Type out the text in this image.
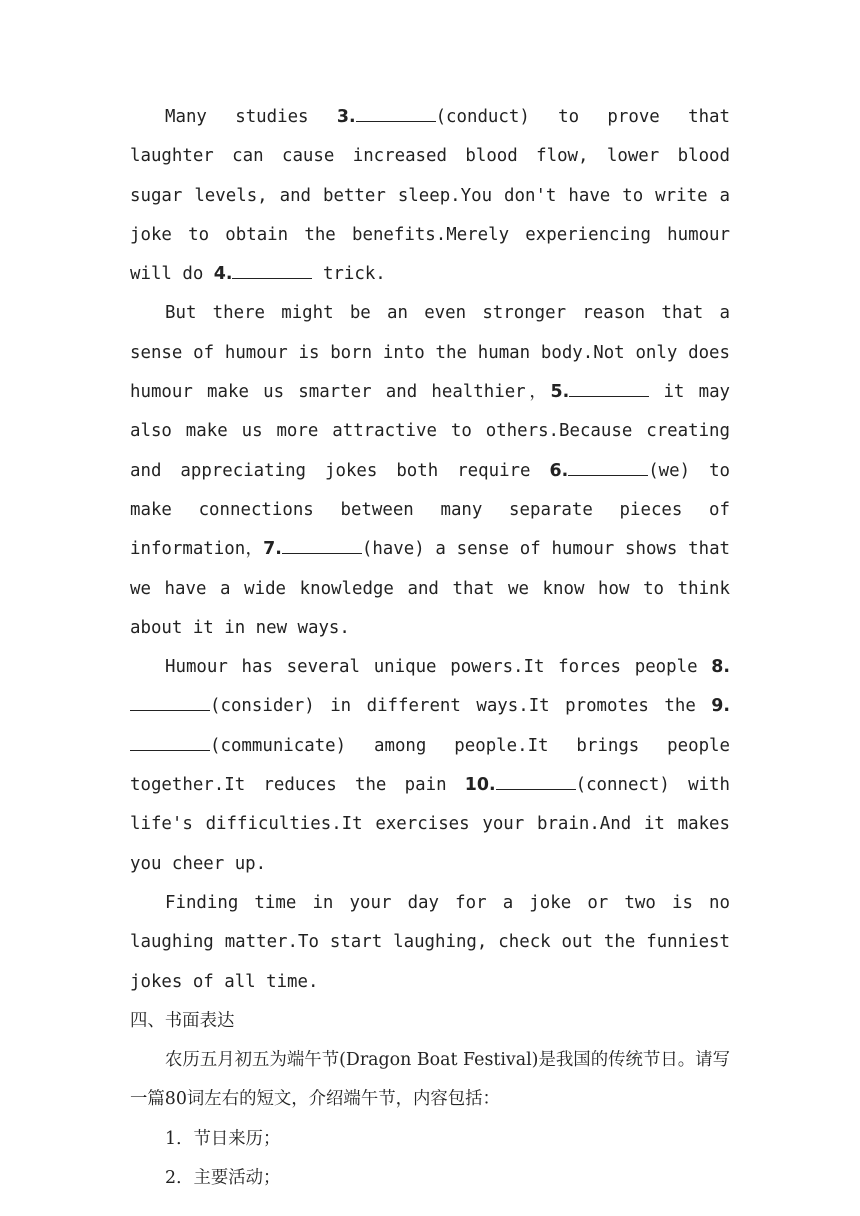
Many studies 3.	(conduct) to prove that laughter can cause increased blood flow, lower blood sugar levels, and better sleep.You don't have to write a joke to obtain the benefits.Merely experiencing humour will do 4.	trick.

But there might be an even stronger reason that a sense of humour is born into the human body.Not only does humour make us smarter and healthier，5.	it may also make us more attractive to others.Because creating and appreciating jokes both require 6.	(we) to make connections between many separate pieces of information，7.	(have) a sense of humour shows that we have a wide knowledge and that we know how to think about it in new ways.

Humour has several unique powers.It forces people 8.(consider) in different ways.It promotes the 9.(communicate) among people.It brings people together.It reduces the pain 10.	(connect) with life's difficulties.It exercises your brain.And it makes you cheer up.

Finding time in your day for a joke or two is no laughing matter.To start laughing, check out the funniest jokes of all time.

四、书面表达

农历五月初五为端午节(Dragon Boat Festival)是我国的传统节日。请写一篇80词左右的短文，介绍端午节，内容包括：

1．节日来历；

2．主要活动；
